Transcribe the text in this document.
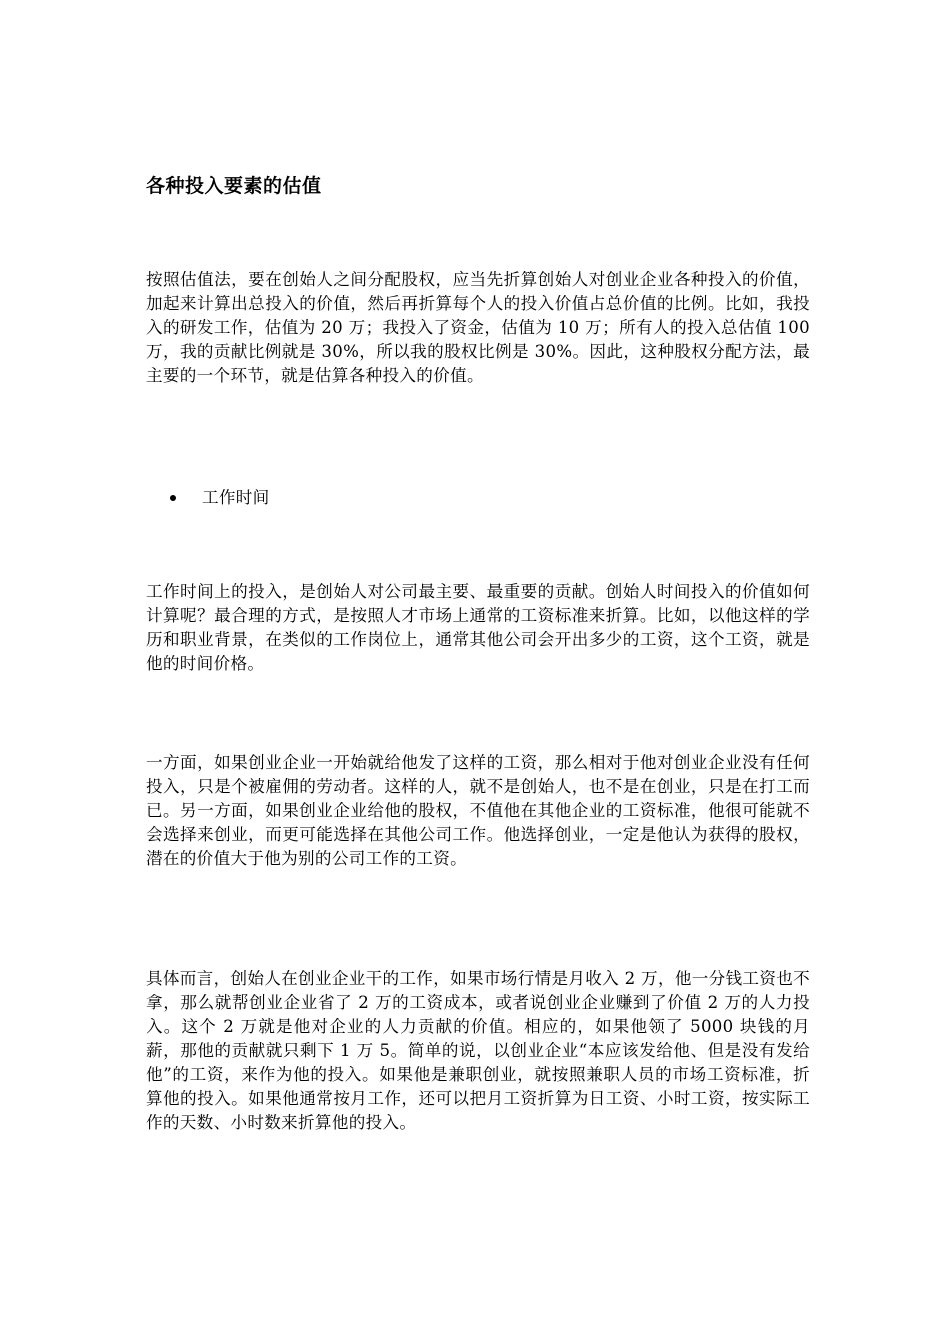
各种投入要素的估值

按照估值法，要在创始人之间分配股权，应当先折算创始人对创业企业各种投入的价值，加起来计算出总投入的价值，然后再折算每个人的投入价值占总价值的比例。比如，我投入的研发工作，估值为 20 万；我投入了资金，估值为 10 万；所有人的投入总估值 100 万，我的贡献比例就是 30%，所以我的股权比例是 30%。因此，这种股权分配方法，最主要的一个环节，就是估算各种投入的价值。

工作时间

工作时间上的投入，是创始人对公司最主要、最重要的贡献。创始人时间投入的价值如何计算呢？最合理的方式，是按照人才市场上通常的工资标准来折算。比如，以他这样的学历和职业背景，在类似的工作岗位上，通常其他公司会开出多少的工资，这个工资，就是他的时间价格。

一方面，如果创业企业一开始就给他发了这样的工资，那么相对于他对创业企业没有任何投入，只是个被雇佣的劳动者。这样的人，就不是创始人，也不是在创业，只是在打工而已。另一方面，如果创业企业给他的股权，不值他在其他企业的工资标准，他很可能就不会选择来创业，而更可能选择在其他公司工作。他选择创业，一定是他认为获得的股权，潜在的价值大于他为别的公司工作的工资。

具体而言，创始人在创业企业干的工作，如果市场行情是月收入 2 万，他一分钱工资也不拿，那么就帮创业企业省了 2 万的工资成本，或者说创业企业赚到了价值 2 万的人力投入。这个 2 万就是他对企业的人力贡献的价值。相应的，如果他领了 5000 块钱的月薪，那他的贡献就只剩下 1 万 5。简单的说，以创业企业“本应该发给他、但是没有发给他”的工资，来作为他的投入。如果他是兼职创业，就按照兼职人员的市场工资标准，折算他的投入。如果他通常按月工作，还可以把月工资折算为日工资、小时工资，按实际工作的天数、小时数来折算他的投入。
